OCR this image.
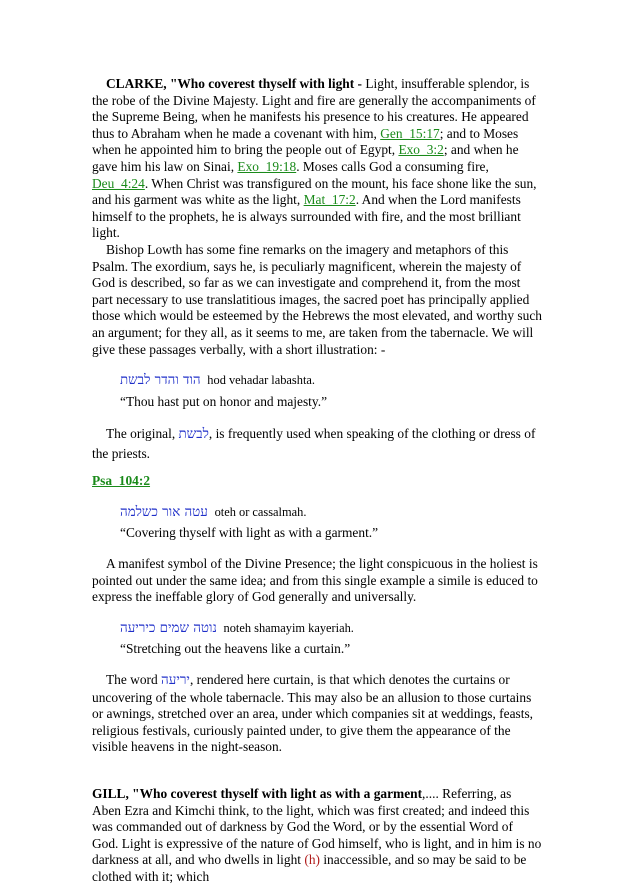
CLARKE, "Who coverest thyself with light - Light, insufferable splendor, is the robe of the Divine Majesty. Light and fire are generally the accompaniments of the Supreme Being, when he manifests his presence to his creatures. He appeared thus to Abraham when he made a covenant with him, Gen_15:17; and to Moses when he appointed him to bring the people out of Egypt, Exo_3:2; and when he gave him his law on Sinai, Exo_19:18. Moses calls God a consuming fire, Deu_4:24. When Christ was transfigured on the mount, his face shone like the sun, and his garment was white as the light, Mat_17:2. And when the Lord manifests himself to the prophets, he is always surrounded with fire, and the most brilliant light.

Bishop Lowth has some fine remarks on the imagery and metaphors of this Psalm. The exordium, says he, is peculiarly magnificent, wherein the majesty of God is described, so far as we can investigate and comprehend it, from the most part necessary to use translatitious images, the sacred poet has principally applied those which would be esteemed by the Hebrews the most elevated, and worthy such an argument; for they all, as it seems to me, are taken from the tabernacle. We will give these passages verbally, with a short illustration: -

הוד והדר לבשת hod vehadar labashta.

“Thou hast put on honor and majesty.”

The original, לבשת, is frequently used when speaking of the clothing or dress of the priests.

Psa_104:2

עטה אור כשלמה oteh or cassalmah.

“Covering thyself with light as with a garment.”

A manifest symbol of the Divine Presence; the light conspicuous in the holiest is pointed out under the same idea; and from this single example a simile is educed to express the ineffable glory of God generally and universally.

נוטה שמים כיריעה noteh shamayim kayeriah.

“Stretching out the heavens like a curtain.”

The word יריעה, rendered here curtain, is that which denotes the curtains or uncovering of the whole tabernacle. This may also be an allusion to those curtains or awnings, stretched over an area, under which companies sit at weddings, feasts, religious festivals, curiously painted under, to give them the appearance of the visible heavens in the night-season.

GILL, "Who coverest thyself with light as with a garment,.... Referring, as Aben Ezra and Kimchi think, to the light, which was first created; and indeed this was commanded out of darkness by God the Word, or by the essential Word of God. Light is expressive of the nature of God himself, who is light, and in him is no darkness at all, and who dwells in light (h) inaccessible, and so may be said to be clothed with it; which
